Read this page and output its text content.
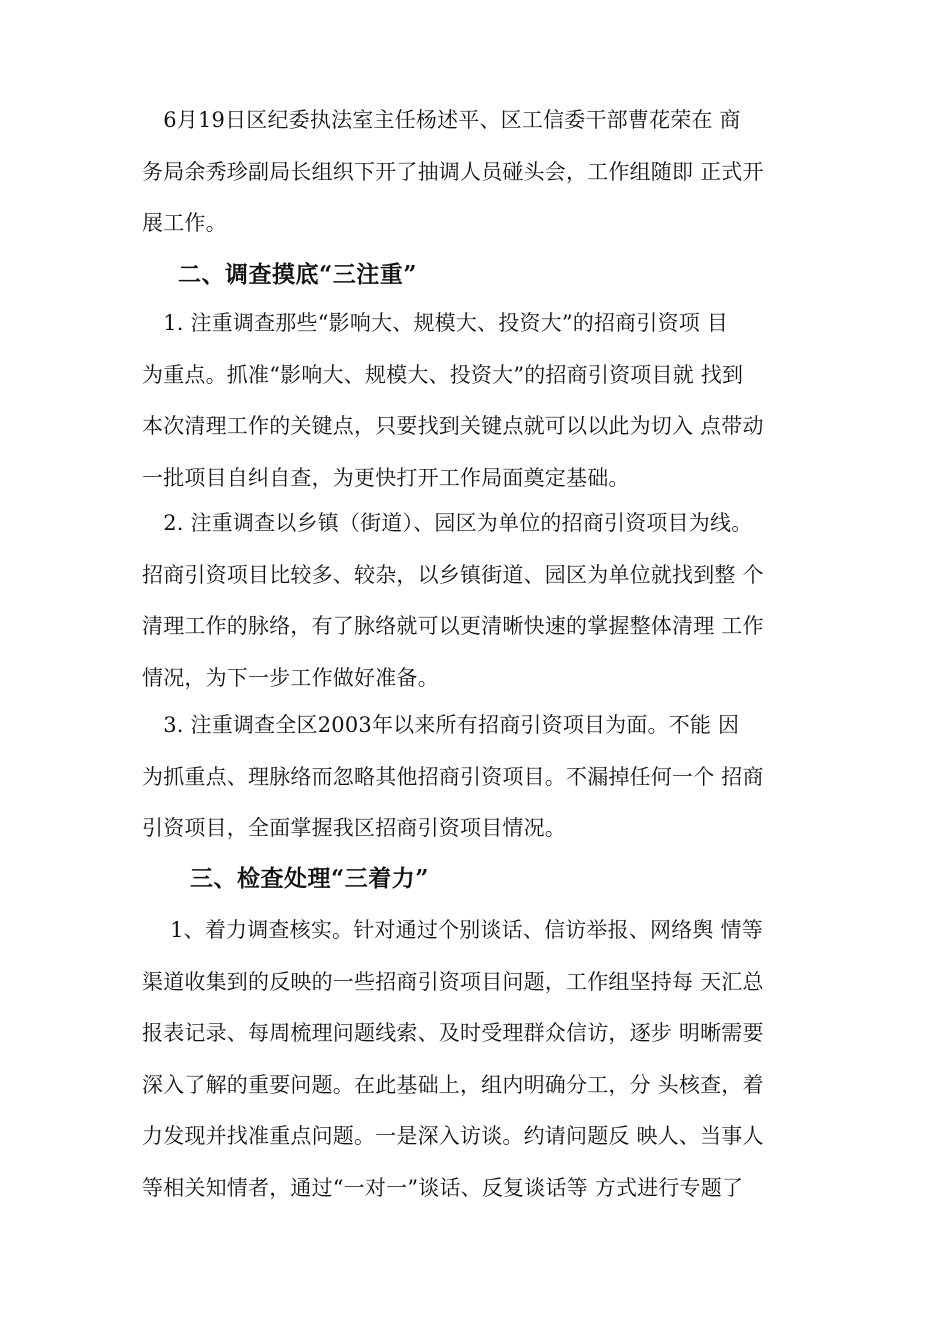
　6月19日区纪委执法室主任杨述平、区工信委干部曹花荣在 商
务局余秀珍副局长组织下开了抽调人员碰头会，工作组随即 正式开
展工作。

二、调查摸底“三注重”

　1. 注重调查那些“影响大、规模大、投资大”的招商引资项 目
为重点。抓准“影响大、规模大、投资大”的招商引资项目就 找到
本次清理工作的关键点，只要找到关键点就可以以此为切入 点带动
一批项目自纠自查，为更快打开工作局面奠定基础。

　2. 注重调查以乡镇（街道）、园区为单位的招商引资项目为线。
招商引资项目比较多、较杂，以乡镇街道、园区为单位就找到整 个
清理工作的脉络，有了脉络就可以更清晰快速的掌握整体清理 工作
情况，为下一步工作做好准备。

　3. 注重调查全区2003年以来所有招商引资项目为面。不能 因
为抓重点、理脉络而忽略其他招商引资项目。不漏掉任何一个 招商
引资项目，全面掌握我区招商引资项目情况。

三、检查处理“三着力”

　 1、着力调查核实。针对通过个别谈话、信访举报、网络舆 情等
渠道收集到的反映的一些招商引资项目问题，工作组坚持每 天汇总
报表记录、每周梳理问题线索、及时受理群众信访，逐步 明晰需要
深入了解的重要问题。在此基础上，组内明确分工，分 头核查，着
力发现并找准重点问题。一是深入访谈。约请问题反 映人、当事人
等相关知情者，通过“一对一”谈话、反复谈话等 方式进行专题了
